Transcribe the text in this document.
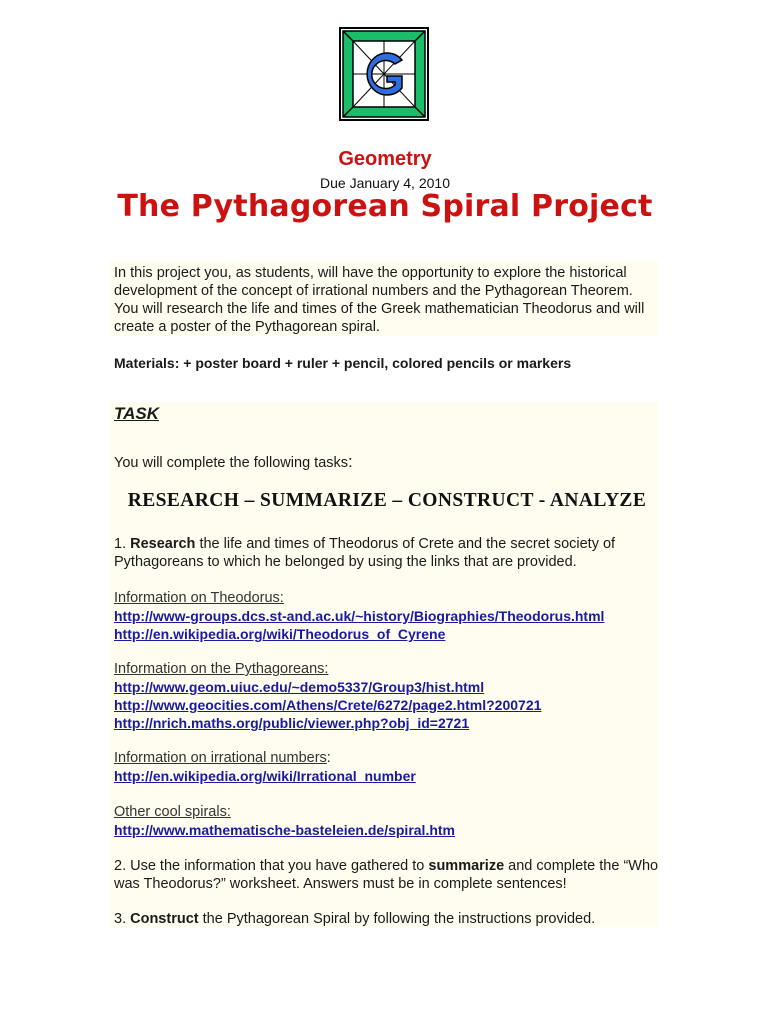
Geometry
Due January 4, 2010
The Pythagorean Spiral Project
In this project you, as students, will have the opportunity to explore the historical development of the concept of irrational numbers and the Pythagorean Theorem. You will research the life and times of the Greek mathematician Theodorus and will create a poster of the Pythagorean spiral.
Materials: + poster board + ruler + pencil, colored pencils or markers
TASK
You will complete the following tasks:
RESEARCH – SUMMARIZE – CONSTRUCT - ANALYZE
1. Research the life and times of Theodorus of Crete and the secret society of Pythagoreans to which he belonged by using the links that are provided.
Information on Theodorus:
http://www-groups.dcs.st-and.ac.uk/~history/Biographies/Theodorus.html
http://en.wikipedia.org/wiki/Theodorus_of_Cyrene
Information on the Pythagoreans:
http://www.geom.uiuc.edu/~demo5337/Group3/hist.html
http://www.geocities.com/Athens/Crete/6272/page2.html?200721
http://nrich.maths.org/public/viewer.php?obj_id=2721
Information on irrational numbers:
http://en.wikipedia.org/wiki/Irrational_number
Other cool spirals:
http://www.mathematische-basteleien.de/spiral.htm
2. Use the information that you have gathered to summarize and complete the “Who was Theodorus?” worksheet. Answers must be in complete sentences!
3. Construct the Pythagorean Spiral by following the instructions provided.
